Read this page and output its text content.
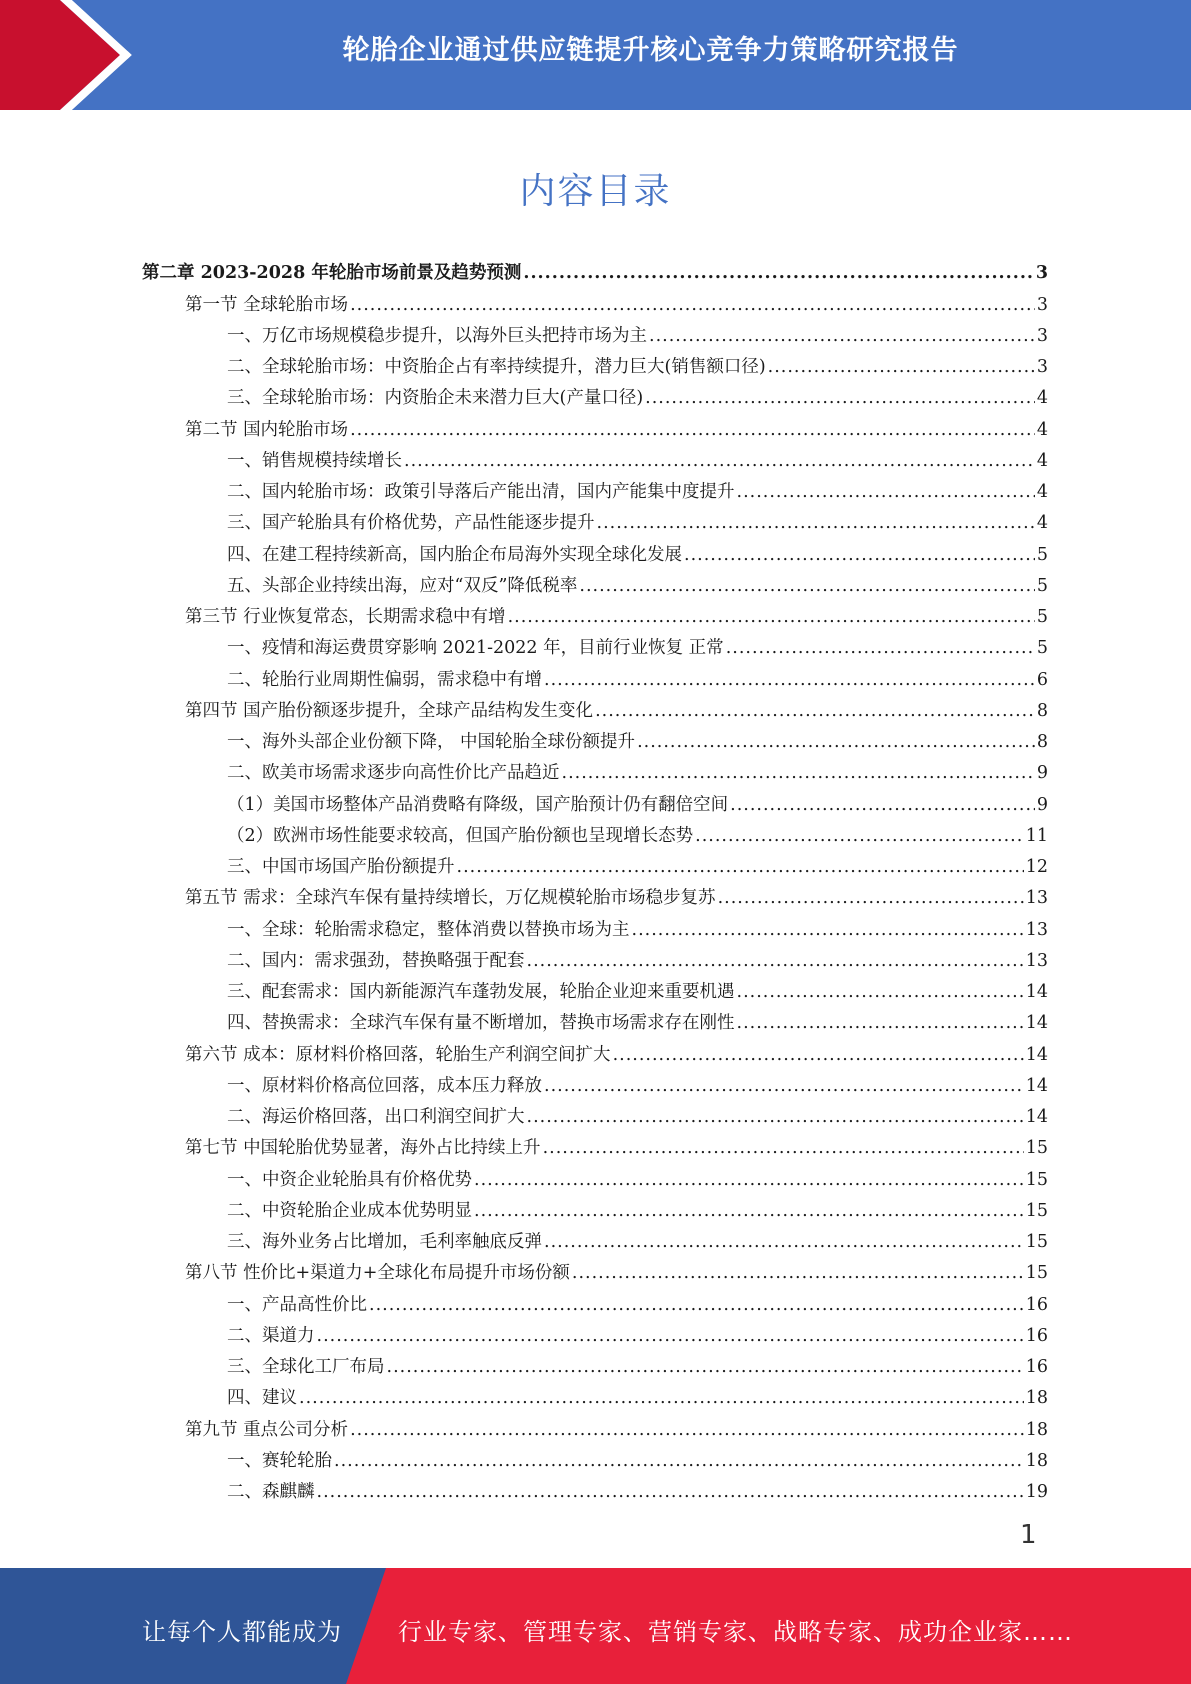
轮胎企业通过供应链提升核心竞争力策略研究报告
内容目录
第二章 2023-2028 年轮胎市场前景及趋势预测 .....	3
第一节 全球轮胎市场 .....	3
一、万亿市场规模稳步提升，以海外巨头把持市场为主 .....	3
二、全球轮胎市场：中资胎企占有率持续提升，潜力巨大(销售额口径) .....	3
三、全球轮胎市场：内资胎企未来潜力巨大(产量口径) .....	4
第二节 国内轮胎市场 .....	4
一、销售规模持续增长 .....	4
二、国内轮胎市场：政策引导落后产能出清，国内产能集中度提升 .....	4
三、国产轮胎具有价格优势，产品性能逐步提升 .....	4
四、在建工程持续新高，国内胎企布局海外实现全球化发展 .....	5
五、头部企业持续出海，应对“双反”降低税率 .....	5
第三节 行业恢复常态，长期需求稳中有增 .....	5
一、疫情和海运费贯穿影响 2021-2022 年，目前行业恢复 正常 .....	5
二、轮胎行业周期性偏弱，需求稳中有增 .....	6
第四节 国产胎份额逐步提升，全球产品结构发生变化 .....	8
一、海外头部企业份额下降， 中国轮胎全球份额提升 .....	8
二、欧美市场需求逐步向高性价比产品趋近 .....	9
（1）美国市场整体产品消费略有降级，国产胎预计仍有翻倍空间 .....	9
（2）欧洲市场性能要求较高，但国产胎份额也呈现增长态势 .....	11
三、中国市场国产胎份额提升 .....	12
第五节 需求：全球汽车保有量持续增长，万亿规模轮胎市场稳步复苏 .....	13
一、全球：轮胎需求稳定，整体消费以替换市场为主 .....	13
二、国内：需求强劲，替换略强于配套 .....	13
三、配套需求：国内新能源汽车蓬勃发展，轮胎企业迎来重要机遇 .....	14
四、替换需求：全球汽车保有量不断增加，替换市场需求存在刚性 .....	14
第六节 成本：原材料价格回落，轮胎生产利润空间扩大 .....	14
一、原材料价格高位回落，成本压力释放 .....	14
二、海运价格回落，出口利润空间扩大 .....	14
第七节 中国轮胎优势显著，海外占比持续上升 .....	15
一、中资企业轮胎具有价格优势 .....	15
二、中资轮胎企业成本优势明显 .....	15
三、海外业务占比增加，毛利率触底反弹 .....	15
第八节 性价比+渠道力+全球化布局提升市场份额 .....	15
一、产品高性价比 .....	16
二、渠道力 .....	16
三、全球化工厂布局 .....	16
四、建议 .....	18
第九节 重点公司分析 .....	18
一、赛轮轮胎 .....	18
二、森麒麟 .....	19
1
让每个人都能成为 行业专家、管理专家、营销专家、战略专家、成功企业家……
